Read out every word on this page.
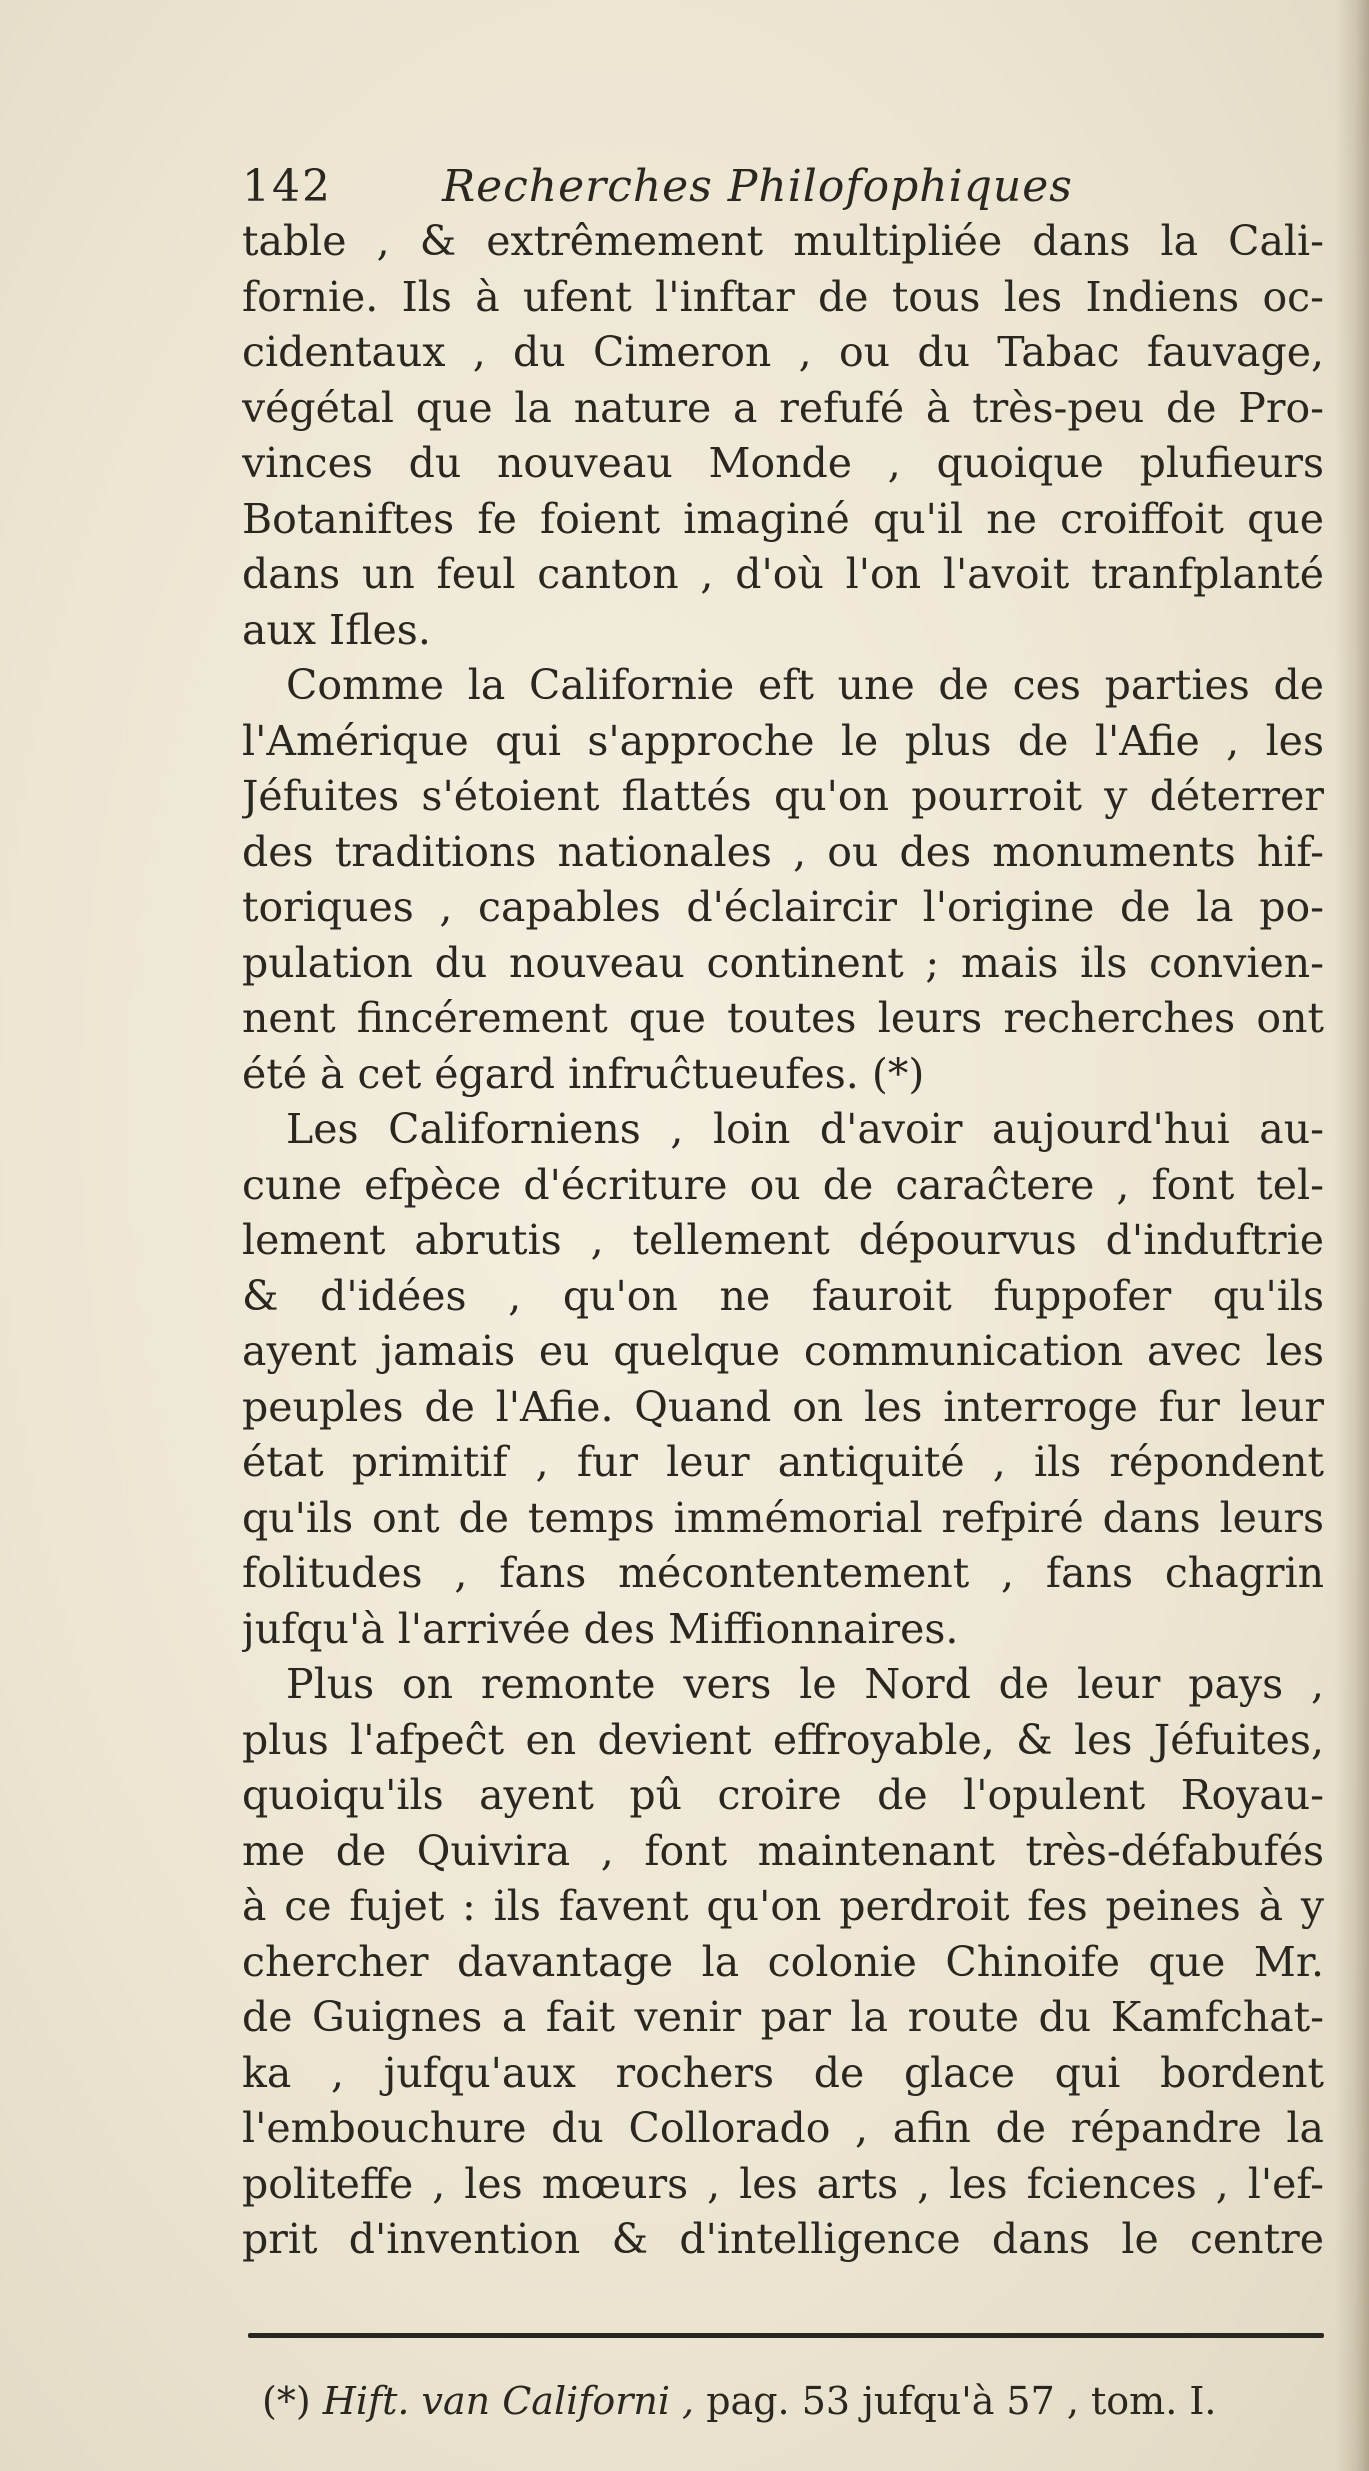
142	Recherches Philofophiques
table , & extrêmement multipliée dans la Cali-
fornie. Ils à ufent l'inftar de tous les Indiens oc-
cidentaux , du Cimeron , ou du Tabac fauvage,
végétal que la nature a refufé à très-peu de Pro-
vinces du nouveau Monde , quoique plufieurs
Botaniftes fe foient imaginé qu'il ne croiffoit que
dans un feul canton , d'où l'on l'avoit tranfplanté
aux Ifles.
Comme la Californie eft une de ces parties de
l'Amérique qui s'approche le plus de l'Afie , les
Jéfuites s'étoient flattés qu'on pourroit y déterrer
des traditions nationales , ou des monuments hif-
toriques , capables d'éclaircir l'origine de la po-
pulation du nouveau continent ; mais ils convien-
nent fincérement que toutes leurs recherches ont
été à cet égard infruĉtueufes. (*)
Les Californiens , loin d'avoir aujourd'hui au-
cune efpèce d'écriture ou de caraĉtere , font tel-
lement abrutis , tellement dépourvus d'induftrie
& d'idées , qu'on ne fauroit fuppofer qu'ils
ayent jamais eu quelque communication avec les
peuples de l'Afie. Quand on les interroge fur leur
état primitif , fur leur antiquité , ils répondent
qu'ils ont de temps immémorial refpiré dans leurs
folitudes , fans mécontentement , fans chagrin
jufqu'à l'arrivée des Miffionnaires.
Plus on remonte vers le Nord de leur pays ,
plus l'afpeĉt en devient effroyable, & les Jéfuites,
quoiqu'ils ayent pû croire de l'opulent Royau-
me de Quivira , font maintenant très-défabufés
à ce fujet : ils favent qu'on perdroit fes peines à y
chercher davantage la colonie Chinoife que Mr.
de Guignes a fait venir par la route du Kamfchat-
ka , jufqu'aux rochers de glace qui bordent
l'embouchure du Collorado , afin de répandre la
politeffe , les mœurs , les arts , les fciences , l'ef-
prit d'invention & d'intelligence dans le centre
(*) Hift. van Californi , pag. 53 jufqu'à 57 , tom. I.
